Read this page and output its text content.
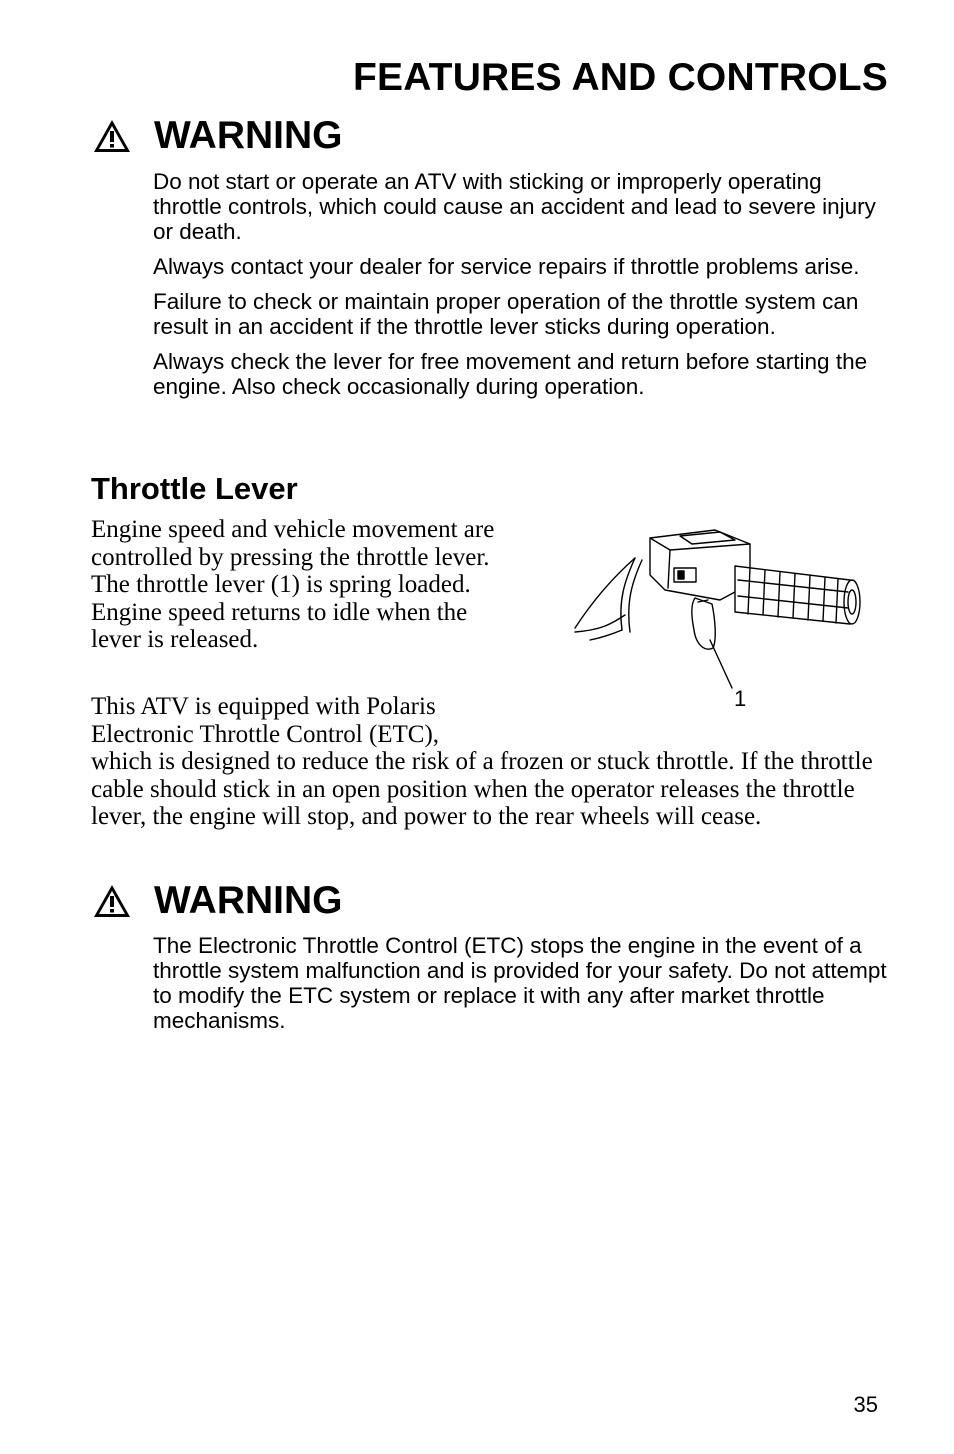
FEATURES AND CONTROLS
WARNING

Do not start or operate an ATV with sticking or improperly operating throttle controls, which could cause an accident and lead to severe injury or death.

Always contact your dealer for service repairs if throttle problems arise.

Failure to check or maintain proper operation of the throttle system can result in an accident if the throttle lever sticks during operation.

Always check the lever for free movement and return before starting the engine. Also check occasionally during operation.

Throttle Lever

Engine speed and vehicle movement are controlled by pressing the throttle lever. The throttle lever (1) is spring loaded. Engine speed returns to idle when the lever is released.

1

This ATV is equipped with Polaris Electronic Throttle Control (ETC),
which is designed to reduce the risk of a frozen or stuck throttle. If the throttle cable should stick in an open position when the operator releases the throttle lever, the engine will stop, and power to the rear wheels will cease.

WARNING

The Electronic Throttle Control (ETC) stops the engine in the event of a throttle system malfunction and is provided for your safety. Do not attempt to modify the ETC system or replace it with any after market throttle mechanisms.

35
